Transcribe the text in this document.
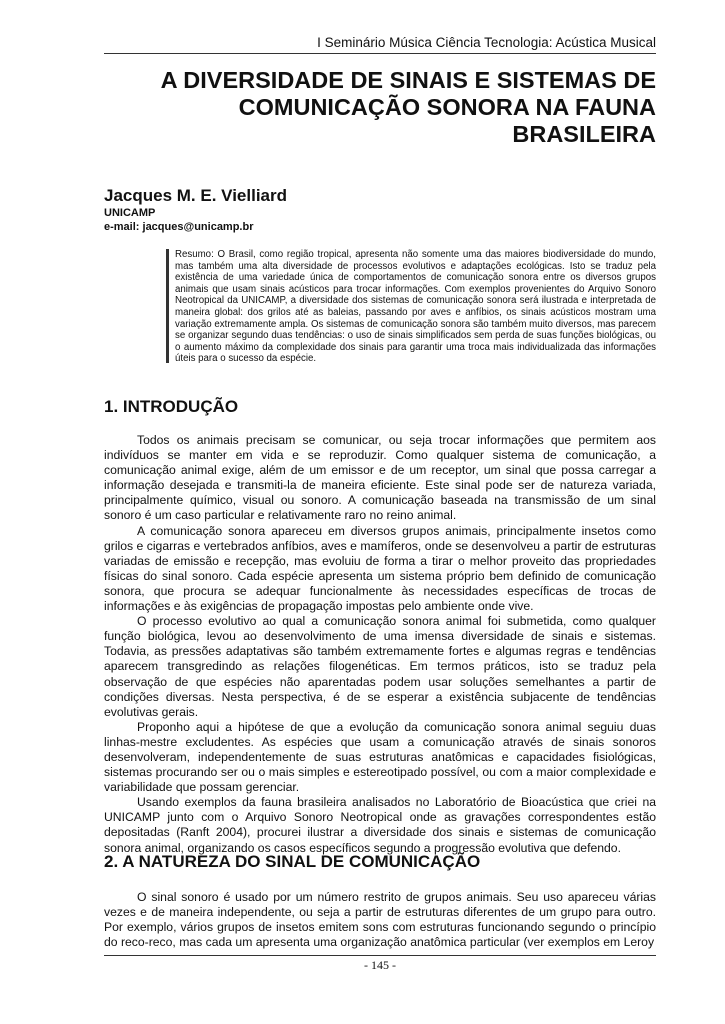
I Seminário Música Ciência Tecnologia: Acústica Musical
A DIVERSIDADE DE SINAIS E SISTEMAS DE
COMUNICAÇÃO SONORA NA FAUNA
BRASILEIRA
Jacques M. E. Vielliard
UNICAMP
e-mail: jacques@unicamp.br
Resumo: O Brasil, como região tropical, apresenta não somente uma das maiores biodiversidade do mundo, mas também uma alta diversidade de processos evolutivos e adaptações ecológicas. Isto se traduz pela existência de uma variedade única de comportamentos de comunicação sonora entre os diversos grupos animais que usam sinais acústicos para trocar informações. Com exemplos provenientes do Arquivo Sonoro Neotropical da UNICAMP, a diversidade dos sistemas de comunicação sonora será ilustrada e interpretada de maneira global: dos grilos até as baleias, passando por aves e anfíbios, os sinais acústicos mostram uma variação extremamente ampla. Os sistemas de comunicação sonora são também muito diversos, mas parecem se organizar segundo duas tendências: o uso de sinais simplificados sem perda de suas funções biológicas, ou o aumento máximo da complexidade dos sinais para garantir uma troca mais individualizada das informações úteis para o sucesso da espécie.
1. INTRODUÇÃO

Todos os animais precisam se comunicar, ou seja trocar informações que permitem aos indivíduos se manter em vida e se reproduzir. Como qualquer sistema de comunicação, a comunicação animal exige, além de um emissor e de um receptor, um sinal que possa carregar a informação desejada e transmiti-la de maneira eficiente. Este sinal pode ser de natureza variada, principalmente químico, visual ou sonoro. A comunicação baseada na transmissão de um sinal sonoro é um caso particular e relativamente raro no reino animal.

A comunicação sonora apareceu em diversos grupos animais, principalmente insetos como grilos e cigarras e vertebrados anfíbios, aves e mamíferos, onde se desenvolveu a partir de estruturas variadas de emissão e recepção, mas evoluiu de forma a tirar o melhor proveito das propriedades físicas do sinal sonoro. Cada espécie apresenta um sistema próprio bem definido de comunicação sonora, que procura se adequar funcionalmente às necessidades específicas de trocas de informações e às exigências de propagação impostas pelo ambiente onde vive.

O processo evolutivo ao qual a comunicação sonora animal foi submetida, como qualquer função biológica, levou ao desenvolvimento de uma imensa diversidade de sinais e sistemas. Todavia, as pressões adaptativas são também extremamente fortes e algumas regras e tendências aparecem transgredindo as relações filogenéticas. Em termos práticos, isto se traduz pela observação de que espécies não aparentadas podem usar soluções semelhantes a partir de condições diversas. Nesta perspectiva, é de se esperar a existência subjacente de tendências evolutivas gerais.

Proponho aqui a hipótese de que a evolução da comunicação sonora animal seguiu duas linhas-mestre excludentes. As espécies que usam a comunicação através de sinais sonoros desenvolveram, independentemente de suas estruturas anatômicas e capacidades fisiológicas, sistemas procurando ser ou o mais simples e estereotipado possível, ou com a maior complexidade e variabilidade que possam gerenciar.

Usando exemplos da fauna brasileira analisados no Laboratório de Bioacústica que criei na UNICAMP junto com o Arquivo Sonoro Neotropical onde as gravações correspondentes estão depositadas (Ranft 2004), procurei ilustrar a diversidade dos sinais e sistemas de comunicação sonora animal, organizando os casos específicos segundo a progressão evolutiva que defendo.

2. A NATUREZA DO SINAL DE COMUNICAÇÃO

O sinal sonoro é usado por um número restrito de grupos animais. Seu uso apareceu várias vezes e de maneira independente, ou seja a partir de estruturas diferentes de um grupo para outro. Por exemplo, vários grupos de insetos emitem sons com estruturas funcionando segundo o princípio do reco-reco, mas cada um apresenta uma organização anatômica particular (ver exemplos em Leroy

- 145 -
